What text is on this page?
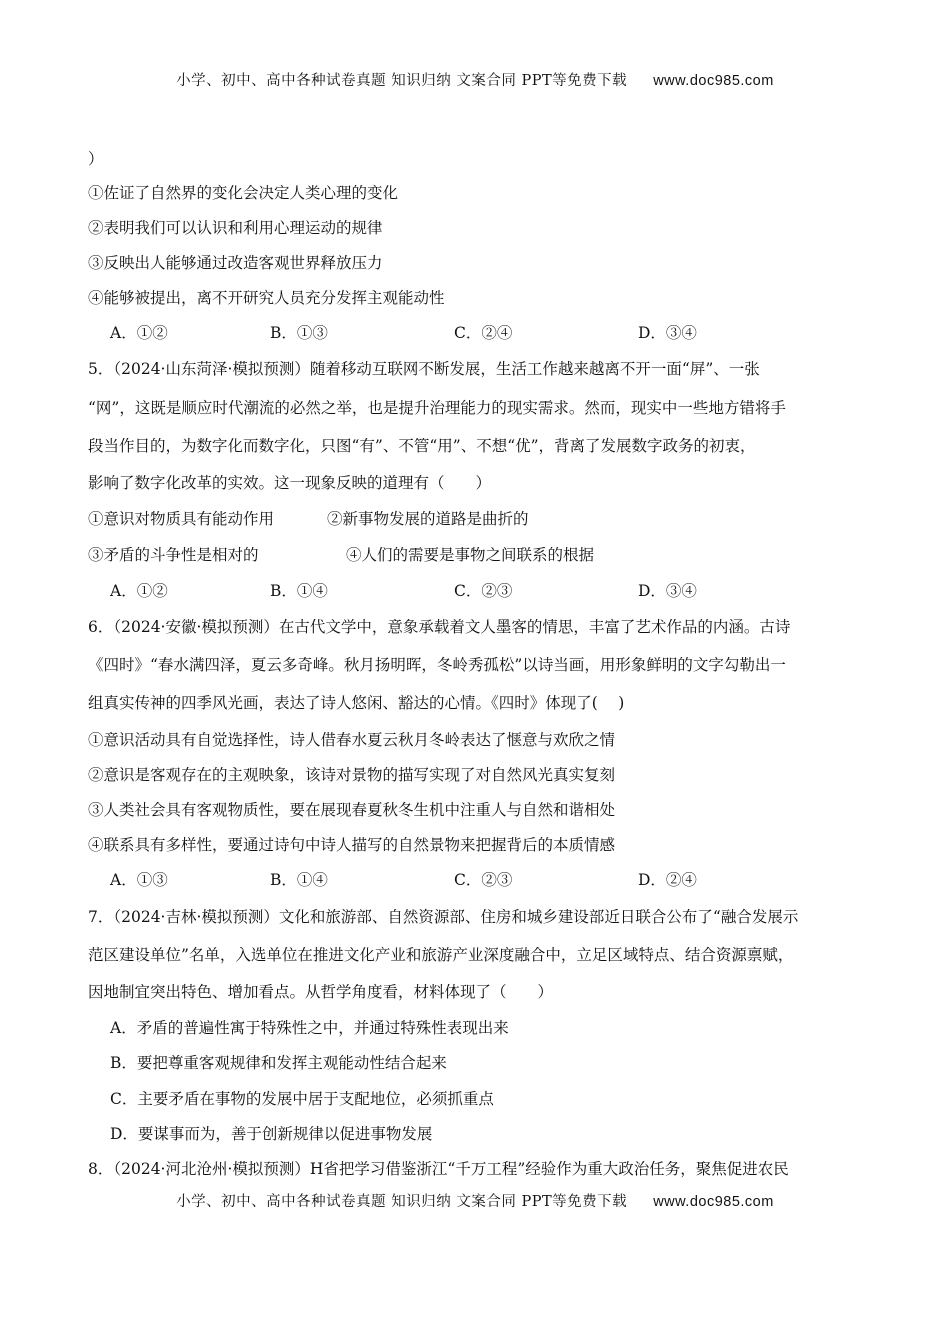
小学、初中、高中各种试卷真题 知识归纳 文案合同 PPT等免费下载 www.doc985.com
）
①佐证了自然界的变化会决定人类心理的变化
②表明我们可以认识和利用心理运动的规律
③反映出人能够通过改造客观世界释放压力
④能够被提出，离不开研究人员充分发挥主观能动性
A．①②	B．①③	C．②④	D．③④
5．（2024·山东菏泽·模拟预测）随着移动互联网不断发展，生活工作越来越离不开一面“屏”、一张
“网”，这既是顺应时代潮流的必然之举，也是提升治理能力的现实需求。然而，现实中一些地方错将手
段当作目的，为数字化而数字化，只图“有”、不管“用”、不想“优”，背离了发展数字政务的初衷，
影响了数字化改革的实效。这一现象反映的道理有（　　）
①意识对物质具有能动作用	②新事物发展的道路是曲折的
③矛盾的斗争性是相对的	④人们的需要是事物之间联系的根据
A．①②	B．①④	C．②③	D．③④
6．（2024·安徽·模拟预测）在古代文学中，意象承载着文人墨客的情思，丰富了艺术作品的内涵。古诗
《四时》“春水满四泽，夏云多奇峰。秋月扬明晖，冬岭秀孤松”以诗当画，用形象鲜明的文字勾勒出一
组真实传神的四季风光画，表达了诗人悠闲、豁达的心情。《四时》体现了(　 )
①意识活动具有自觉选择性，诗人借春水夏云秋月冬岭表达了惬意与欢欣之情
②意识是客观存在的主观映象，该诗对景物的描写实现了对自然风光真实复刻
③人类社会具有客观物质性，要在展现春夏秋冬生机中注重人与自然和谐相处
④联系具有多样性，要通过诗句中诗人描写的自然景物来把握背后的本质情感
A．①③	B．①④	C．②③	D．②④
7．（2024·吉林·模拟预测）文化和旅游部、自然资源部、住房和城乡建设部近日联合公布了“融合发展示
范区建设单位”名单，入选单位在推进文化产业和旅游产业深度融合中，立足区域特点、结合资源禀赋，
因地制宜突出特色、增加看点。从哲学角度看，材料体现了（　　）
A．矛盾的普遍性寓于特殊性之中，并通过特殊性表现出来
B．要把尊重客观规律和发挥主观能动性结合起来
C．主要矛盾在事物的发展中居于支配地位，必须抓重点
D．要谋事而为，善于创新规律以促进事物发展
8．（2024·河北沧州·模拟预测）H省把学习借鉴浙江“千万工程”经验作为重大政治任务，聚焦促进农民
小学、初中、高中各种试卷真题 知识归纳 文案合同 PPT等免费下载 www.doc985.com
